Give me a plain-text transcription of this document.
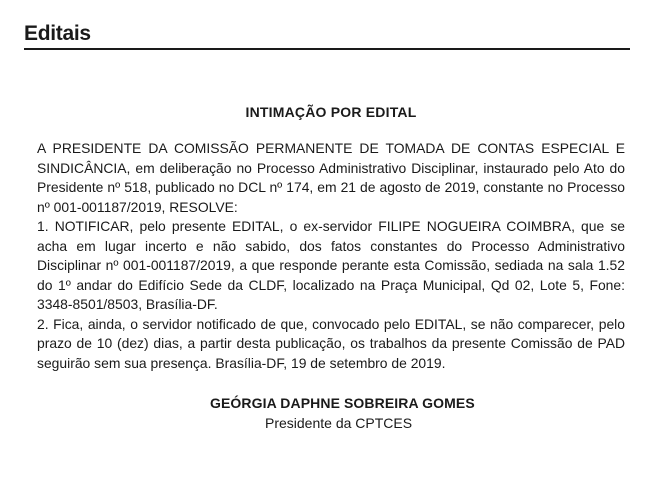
Editais
INTIMAÇÃO POR EDITAL

A PRESIDENTE DA COMISSÃO PERMANENTE DE TOMADA DE CONTAS ESPECIAL E SINDICÂNCIA, em deliberação no Processo Administrativo Disciplinar, instaurado pelo Ato do Presidente nº 518, publicado no DCL nº 174, em 21 de agosto de 2019, constante no Processo nº 001-001187/2019, RESOLVE:

1. NOTIFICAR, pelo presente EDITAL, o ex-servidor FILIPE NOGUEIRA COIMBRA, que se acha em lugar incerto e não sabido, dos fatos constantes do Processo Administrativo Disciplinar nº 001-001187/2019, a que responde perante esta Comissão, sediada na sala 1.52 do 1º andar do Edifício Sede da CLDF, localizado na Praça Municipal, Qd 02, Lote 5, Fone: 3348-8501/8503, Brasília-DF.

2. Fica, ainda, o servidor notificado de que, convocado pelo EDITAL, se não comparecer, pelo prazo de 10 (dez) dias, a partir desta publicação, os trabalhos da presente Comissão de PAD seguirão sem sua presença. Brasília-DF, 19 de setembro de 2019.

GEÓRGIA DAPHNE SOBREIRA GOMES
Presidente da CPTCES
